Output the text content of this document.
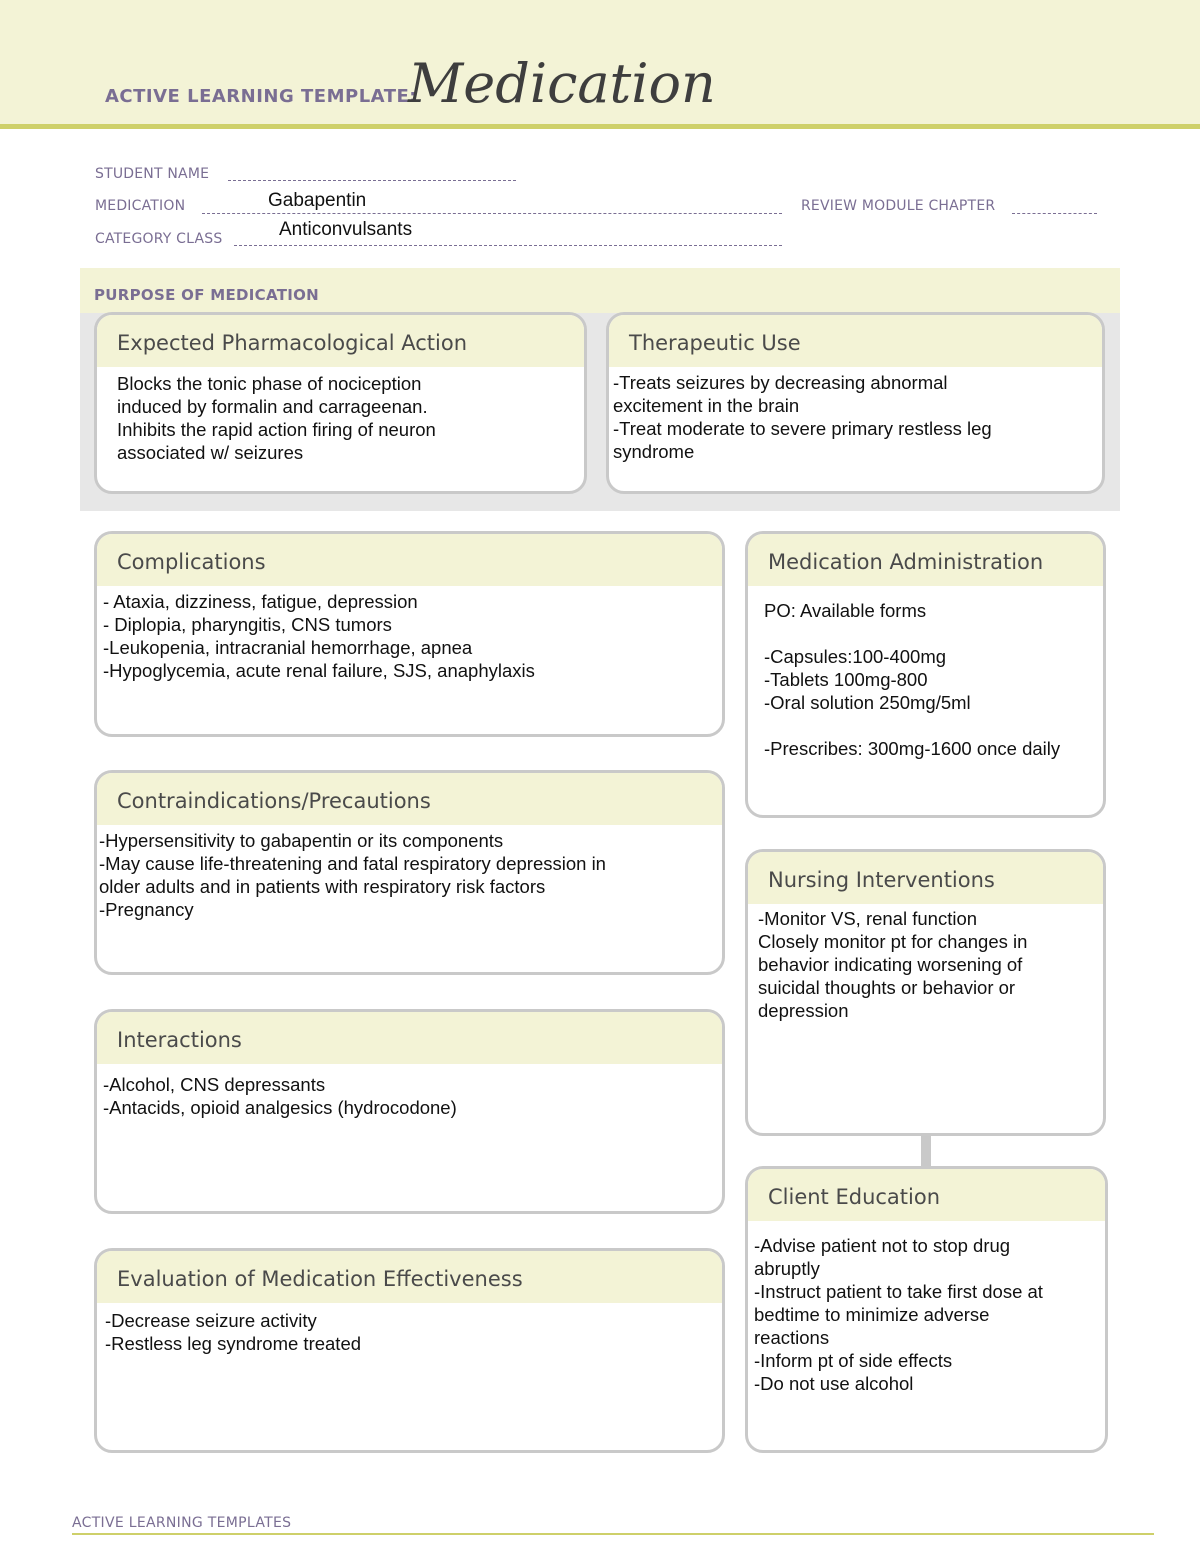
ACTIVE LEARNING TEMPLATE:
Medication
STUDENT NAME
MEDICATION	Gabapentin	REVIEW MODULE CHAPTER
CATEGORY CLASS	Anticonvulsants
PURPOSE OF MEDICATION
Expected Pharmacological Action
Blocks the tonic phase of nociception
induced by formalin and carrageenan.
Inhibits the rapid action firing of neuron
associated w/ seizures
Therapeutic Use
-Treats seizures by decreasing abnormal
excitement in the brain
-Treat moderate to severe primary restless leg
syndrome
Complications
- Ataxia, dizziness, fatigue, depression
- Diplopia, pharyngitis, CNS tumors
-Leukopenia, intracranial hemorrhage, apnea
-Hypoglycemia, acute renal failure, SJS, anaphylaxis
Contraindications/Precautions
-Hypersensitivity to gabapentin or its components
-May cause life-threatening and fatal respiratory depression in
older adults and in patients with respiratory risk factors
-Pregnancy
Interactions
-Alcohol, CNS depressants
-Antacids, opioid analgesics (hydrocodone)
Evaluation of Medication Effectiveness
-Decrease seizure activity
-Restless leg syndrome treated
Medication Administration
PO: Available forms

-Capsules:100-400mg
-Tablets 100mg-800
-Oral solution 250mg/5ml

-Prescribes: 300mg-1600 once daily
Nursing Interventions
-Monitor VS, renal function
Closely monitor pt for changes in
behavior indicating worsening of
suicidal thoughts or behavior or
depression
Client Education
-Advise patient not to stop drug
abruptly
-Instruct patient to take first dose at
bedtime to minimize adverse
reactions
-Inform pt of side effects
-Do not use alcohol
ACTIVE LEARNING TEMPLATES
